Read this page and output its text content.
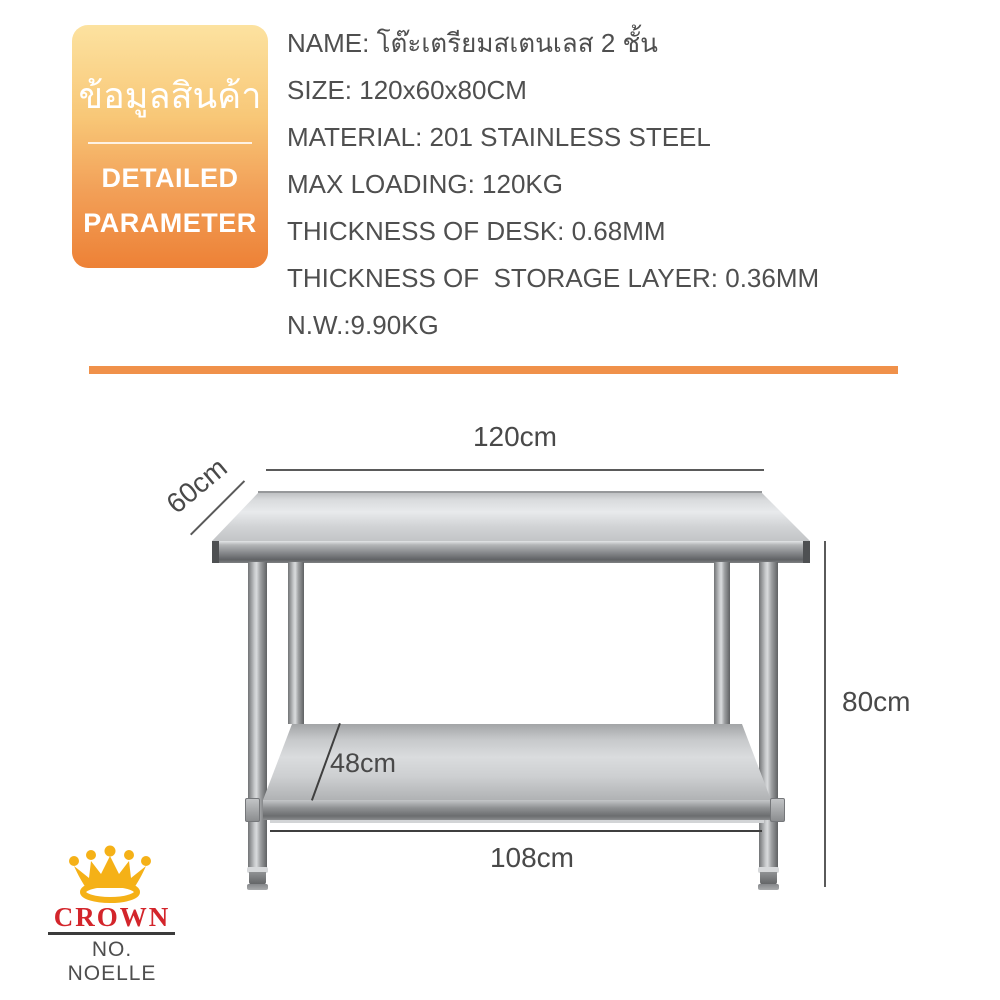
ข้อมูลสินค้า
DETAILED
PARAMETER
NAME: โต๊ะเตรียมสเตนเลส 2 ชั้น
SIZE: 120x60x80CM
MATERIAL: 201 STAINLESS STEEL
MAX LOADING: 120KG
THICKNESS OF DESK: 0.68MM
THICKNESS OF  STORAGE LAYER: 0.36MM
N.W.:9.90KG
120cm
60cm
80cm
48cm
108cm
CROWN
NO. NOELLE
